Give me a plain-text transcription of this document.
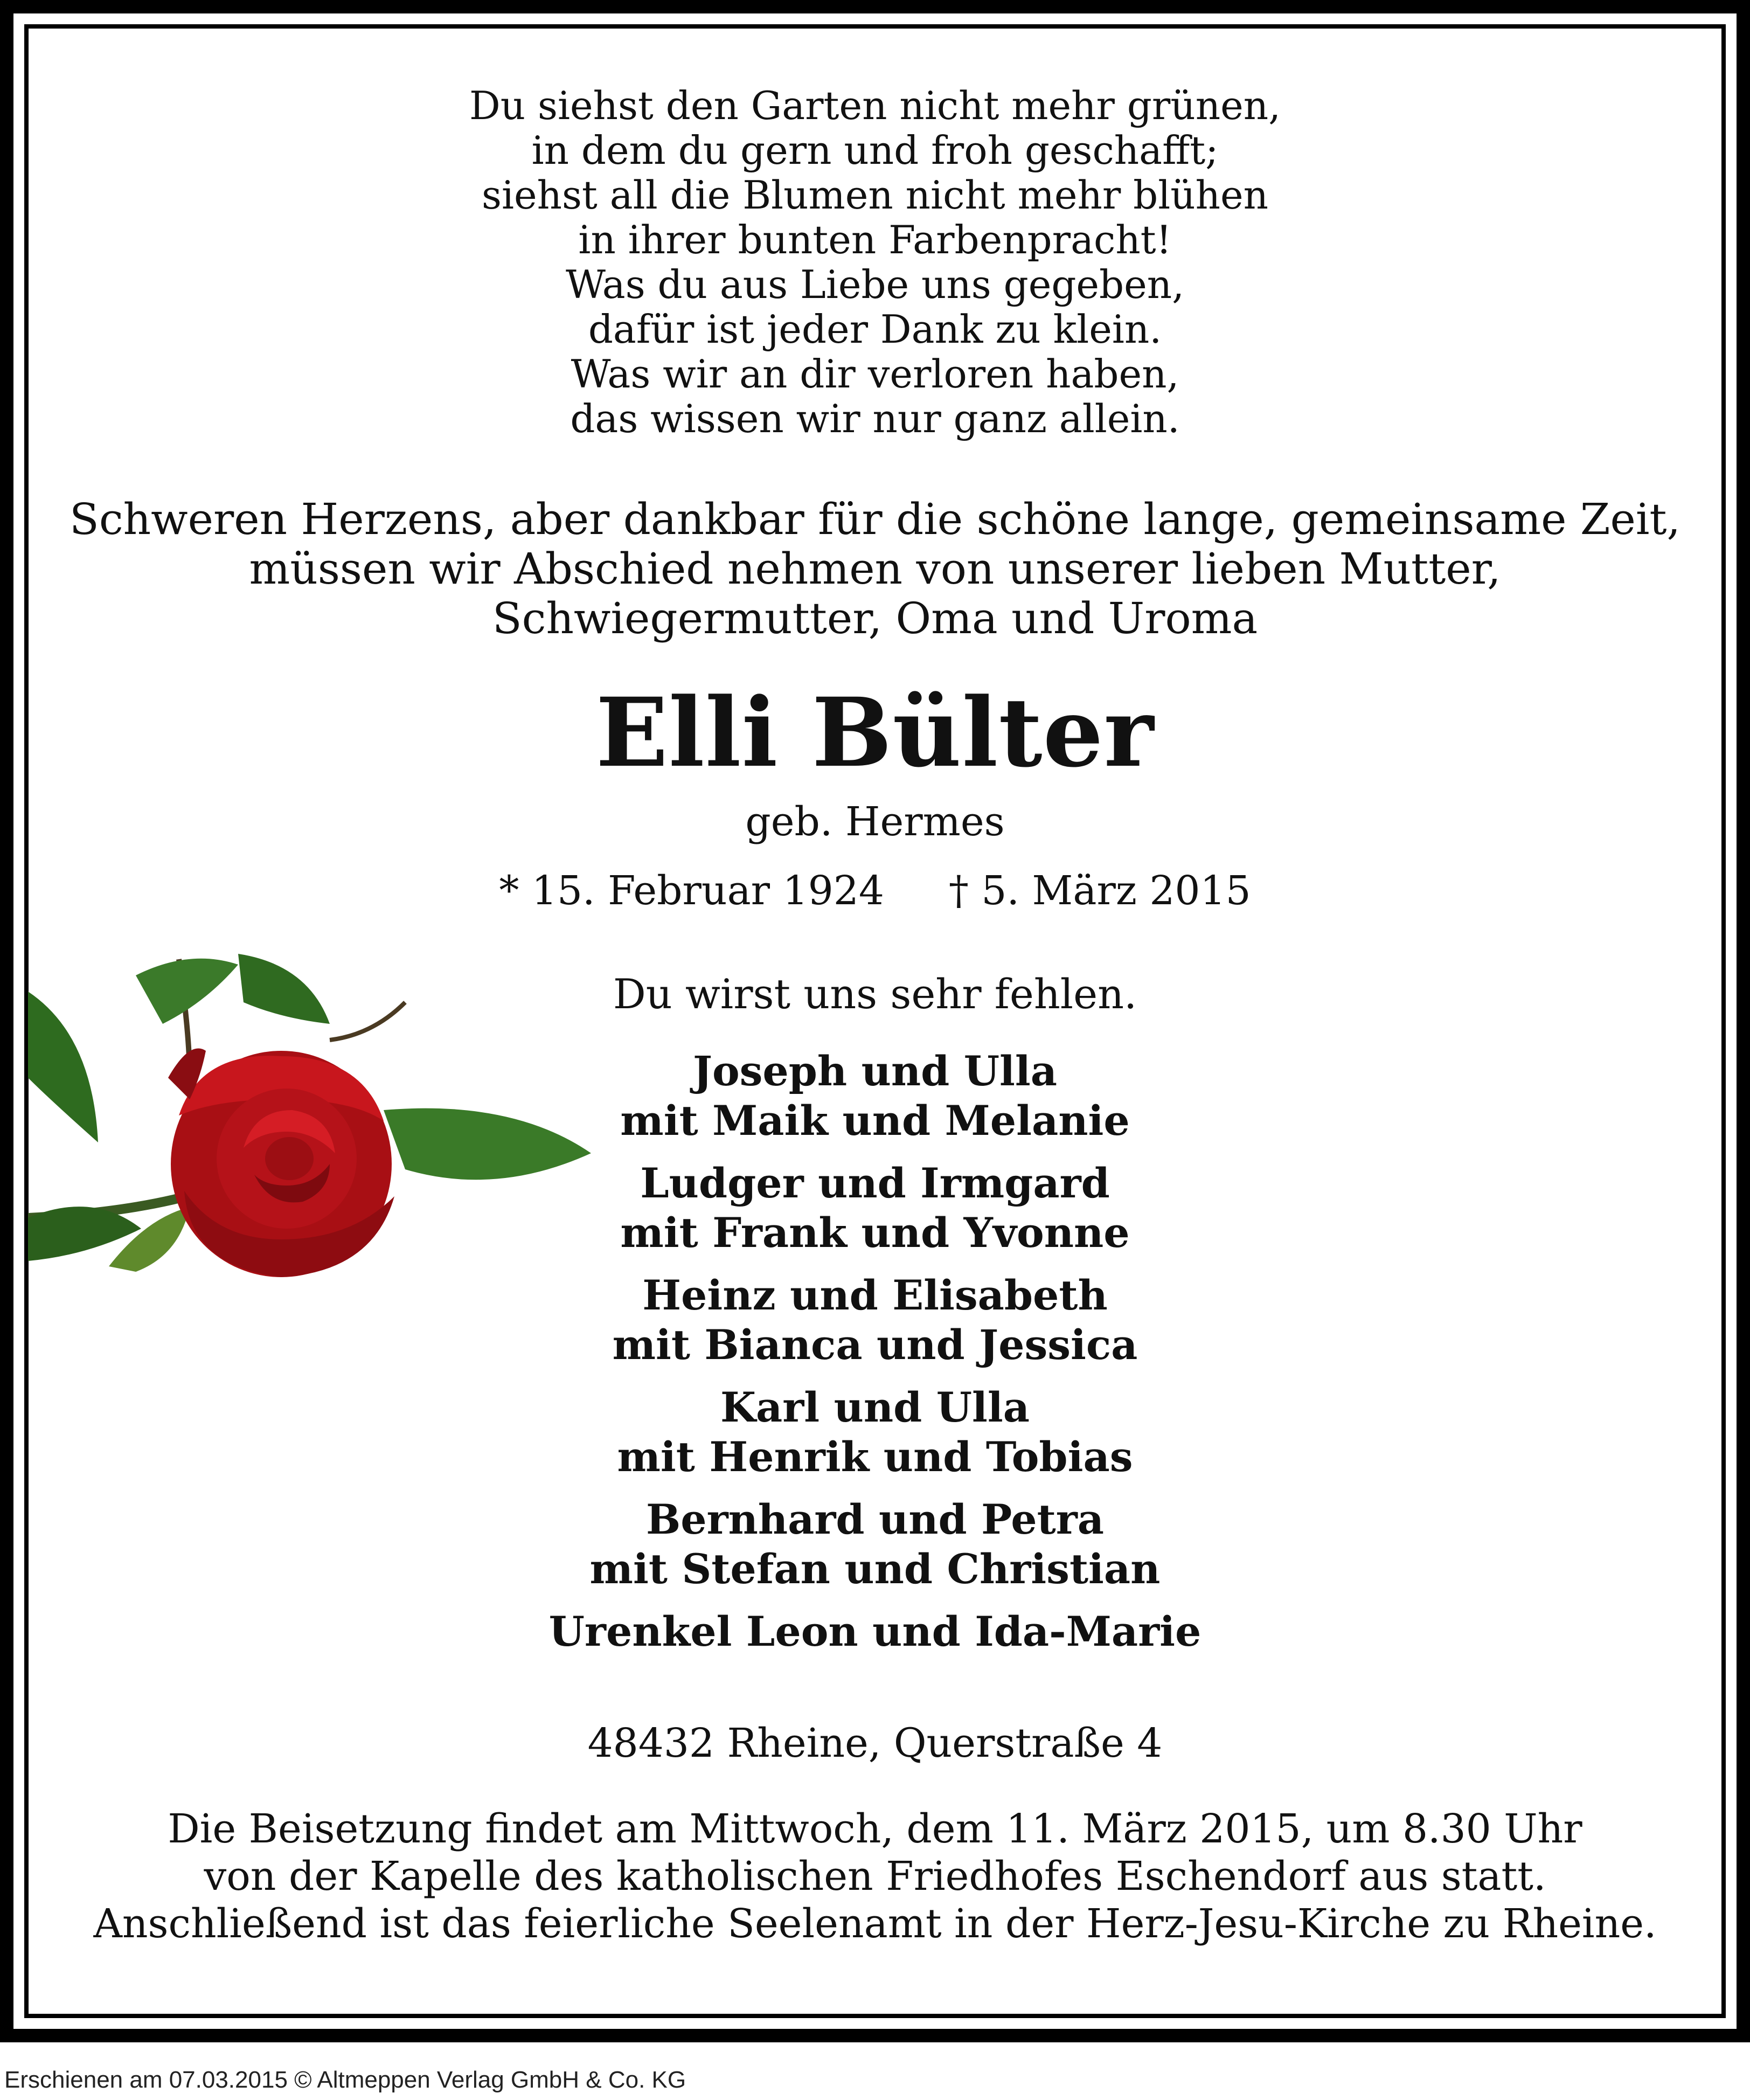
Du siehst den Garten nicht mehr grünen,
in dem du gern und froh geschafft;
siehst all die Blumen nicht mehr blühen
in ihrer bunten Farbenpracht!
Was du aus Liebe uns gegeben,
dafür ist jeder Dank zu klein.
Was wir an dir verloren haben,
das wissen wir nur ganz allein.
Schweren Herzens, aber dankbar für die schöne lange, gemeinsame Zeit,
müssen wir Abschied nehmen von unserer lieben Mutter,
Schwiegermutter, Oma und Uroma
Elli Bülter
geb. Hermes
* 15. Februar 1924 † 5. März 2015
Du wirst uns sehr fehlen.
Joseph und Ulla
mit Maik und Melanie
Ludger und Irmgard
mit Frank und Yvonne
Heinz und Elisabeth
mit Bianca und Jessica
Karl und Ulla
mit Henrik und Tobias
Bernhard und Petra
mit Stefan und Christian
Urenkel Leon und Ida-Marie
48432 Rheine, Querstraße 4
Die Beisetzung findet am Mittwoch, dem 11. März 2015, um 8.30 Uhr
von der Kapelle des katholischen Friedhofes Eschendorf aus statt.
Anschließend ist das feierliche Seelenamt in der Herz-Jesu-Kirche zu Rheine.
Erschienen am 07.03.2015 © Altmeppen Verlag GmbH & Co. KG
